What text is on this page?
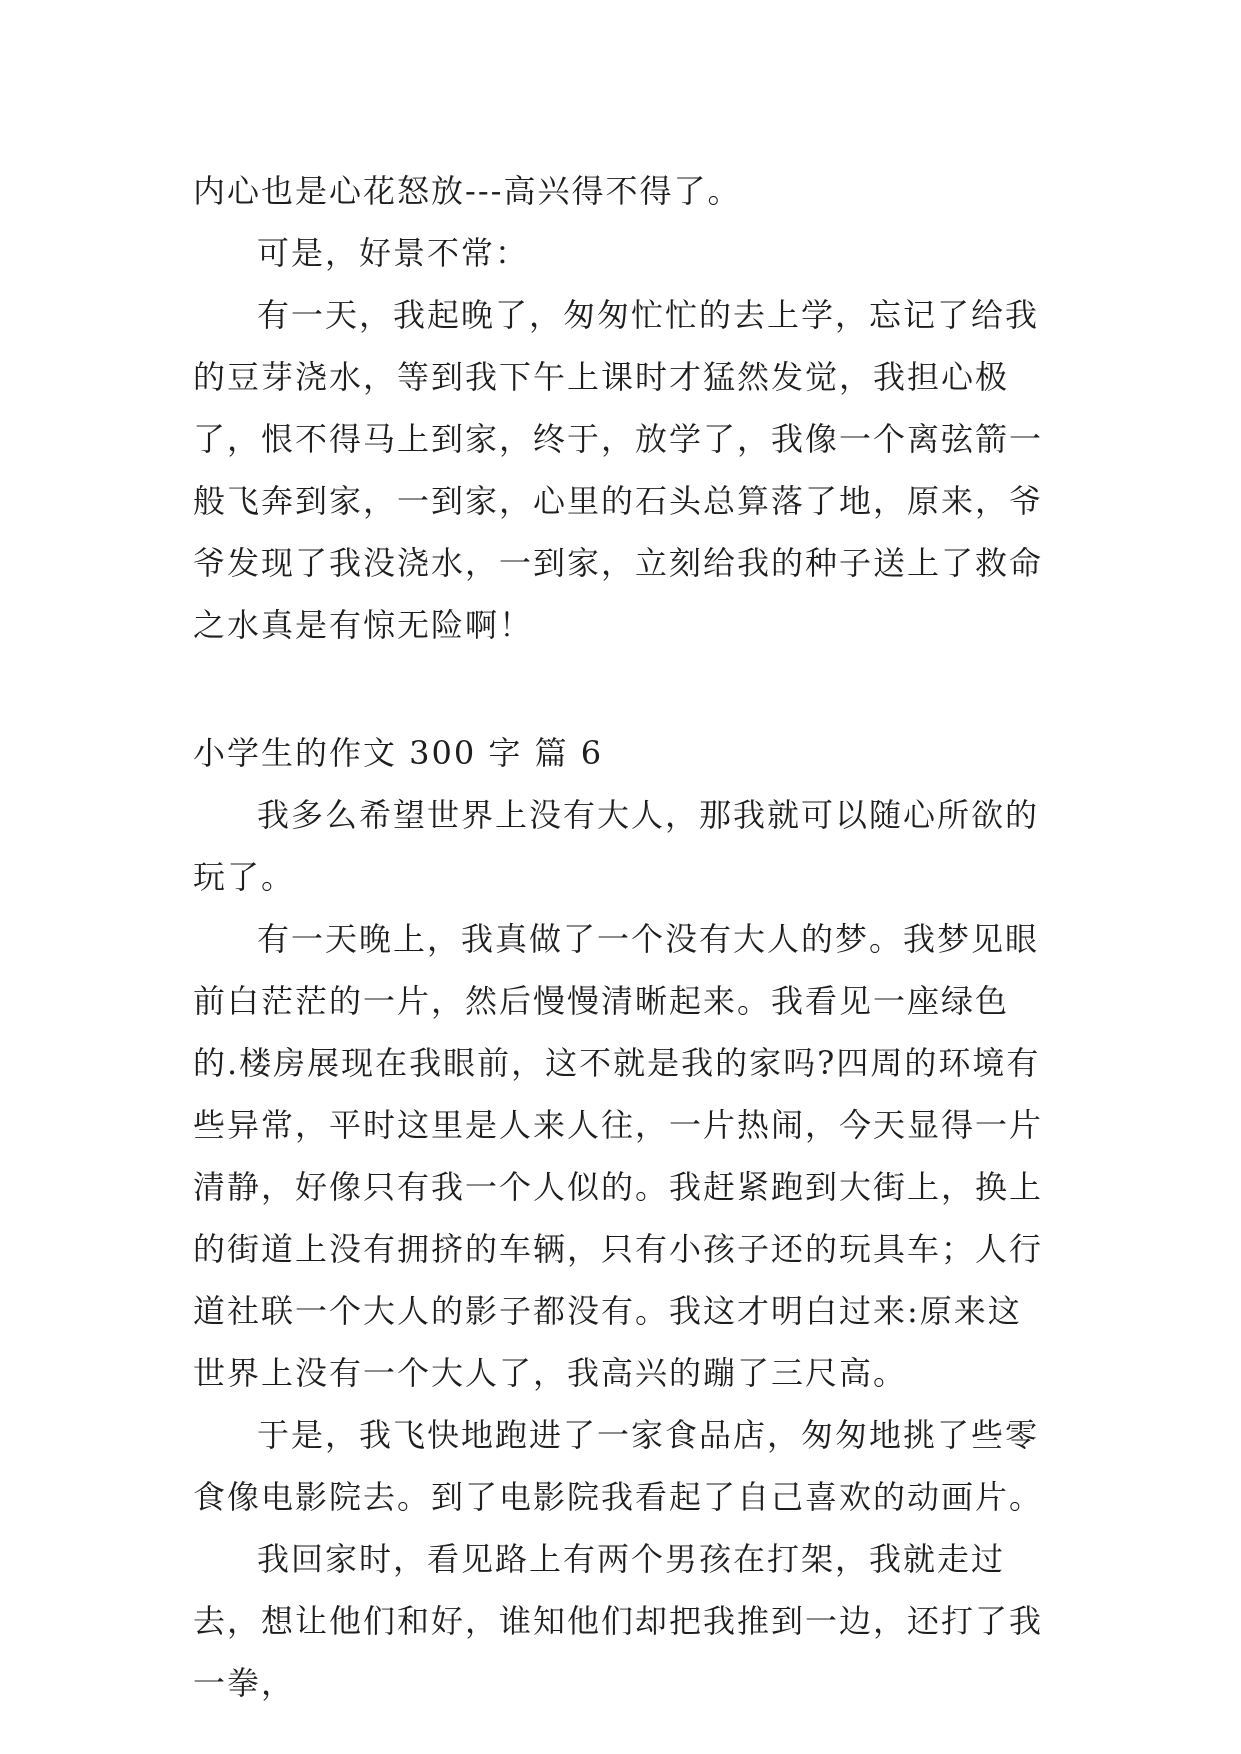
内心也是心花怒放---高兴得不得了。

可是，好景不常：

有一天，我起晚了，匆匆忙忙的去上学，忘记了给我的豆芽浇水，等到我下午上课时才猛然发觉，我担心极了，恨不得马上到家，终于，放学了，我像一个离弦箭一般飞奔到家，一到家，心里的石头总算落了地，原来，爷爷发现了我没浇水，一到家，立刻给我的种子送上了救命之水真是有惊无险啊！

小学生的作文 300 字 篇 6

我多么希望世界上没有大人，那我就可以随心所欲的玩了。

有一天晚上，我真做了一个没有大人的梦。我梦见眼前白茫茫的一片，然后慢慢清晰起来。我看见一座绿色的.楼房展现在我眼前，这不就是我的家吗?四周的环境有些异常，平时这里是人来人往，一片热闹，今天显得一片清静，好像只有我一个人似的。我赶紧跑到大街上，换上的街道上没有拥挤的车辆，只有小孩子还的玩具车；人行道社联一个大人的影子都没有。我这才明白过来:原来这世界上没有一个大人了，我高兴的蹦了三尺高。

于是，我飞快地跑进了一家食品店，匆匆地挑了些零食像电影院去。到了电影院我看起了自己喜欢的动画片。

我回家时，看见路上有两个男孩在打架，我就走过去，想让他们和好，谁知他们却把我推到一边，还打了我一拳，
